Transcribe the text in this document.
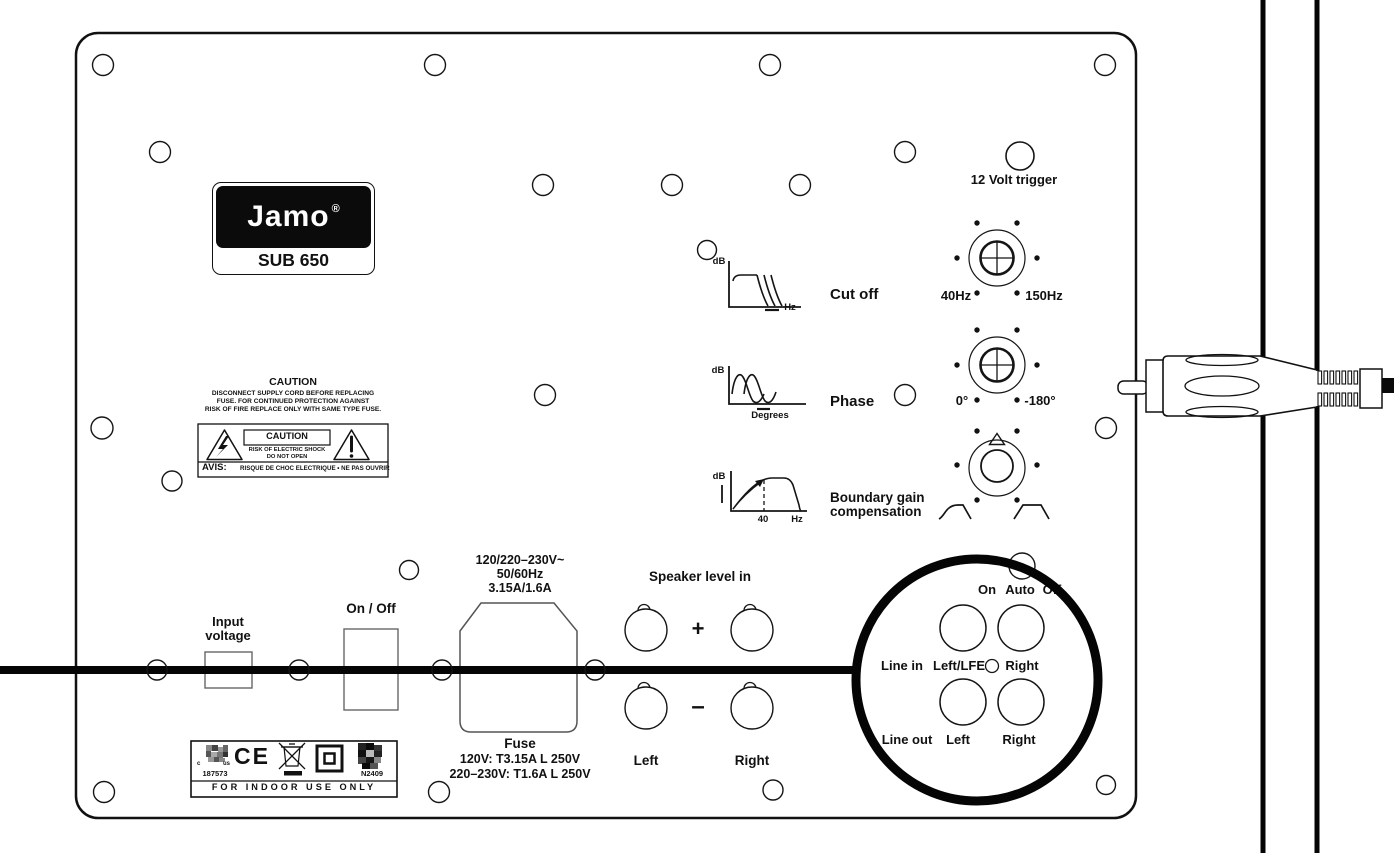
Jamo ®
SUB 650
CAUTION
DISCONNECT SUPPLY CORD BEFORE REPLACING
FUSE. FOR CONTINUED PROTECTION AGAINST
RISK OF FIRE REPLACE ONLY WITH SAME TYPE FUSE.
CAUTION
RISK OF ELECTRIC SHOCK
DO NOT OPEN
AVIS: RISQUE DE CHOC ELECTRIQUE • NE PAS OUVRIR
Input
voltage
On / Off
120/220–230V~
50/60Hz
3.15A/1.6A
Fuse
120V: T3.15A L 250V
220–230V: T1.6A L 250V
Speaker level in
+
–
Left	Right
Cut off	40Hz	150Hz
Phase	0°	-180°
Boundary gain
compensation
12 Volt trigger
dB
Hz
dB
Degrees
dB
40 Hz
On Auto Off
Line in Left/LFE Right
Line out Left Right
c	us
187573
CE
N2409
FOR INDOOR USE ONLY
